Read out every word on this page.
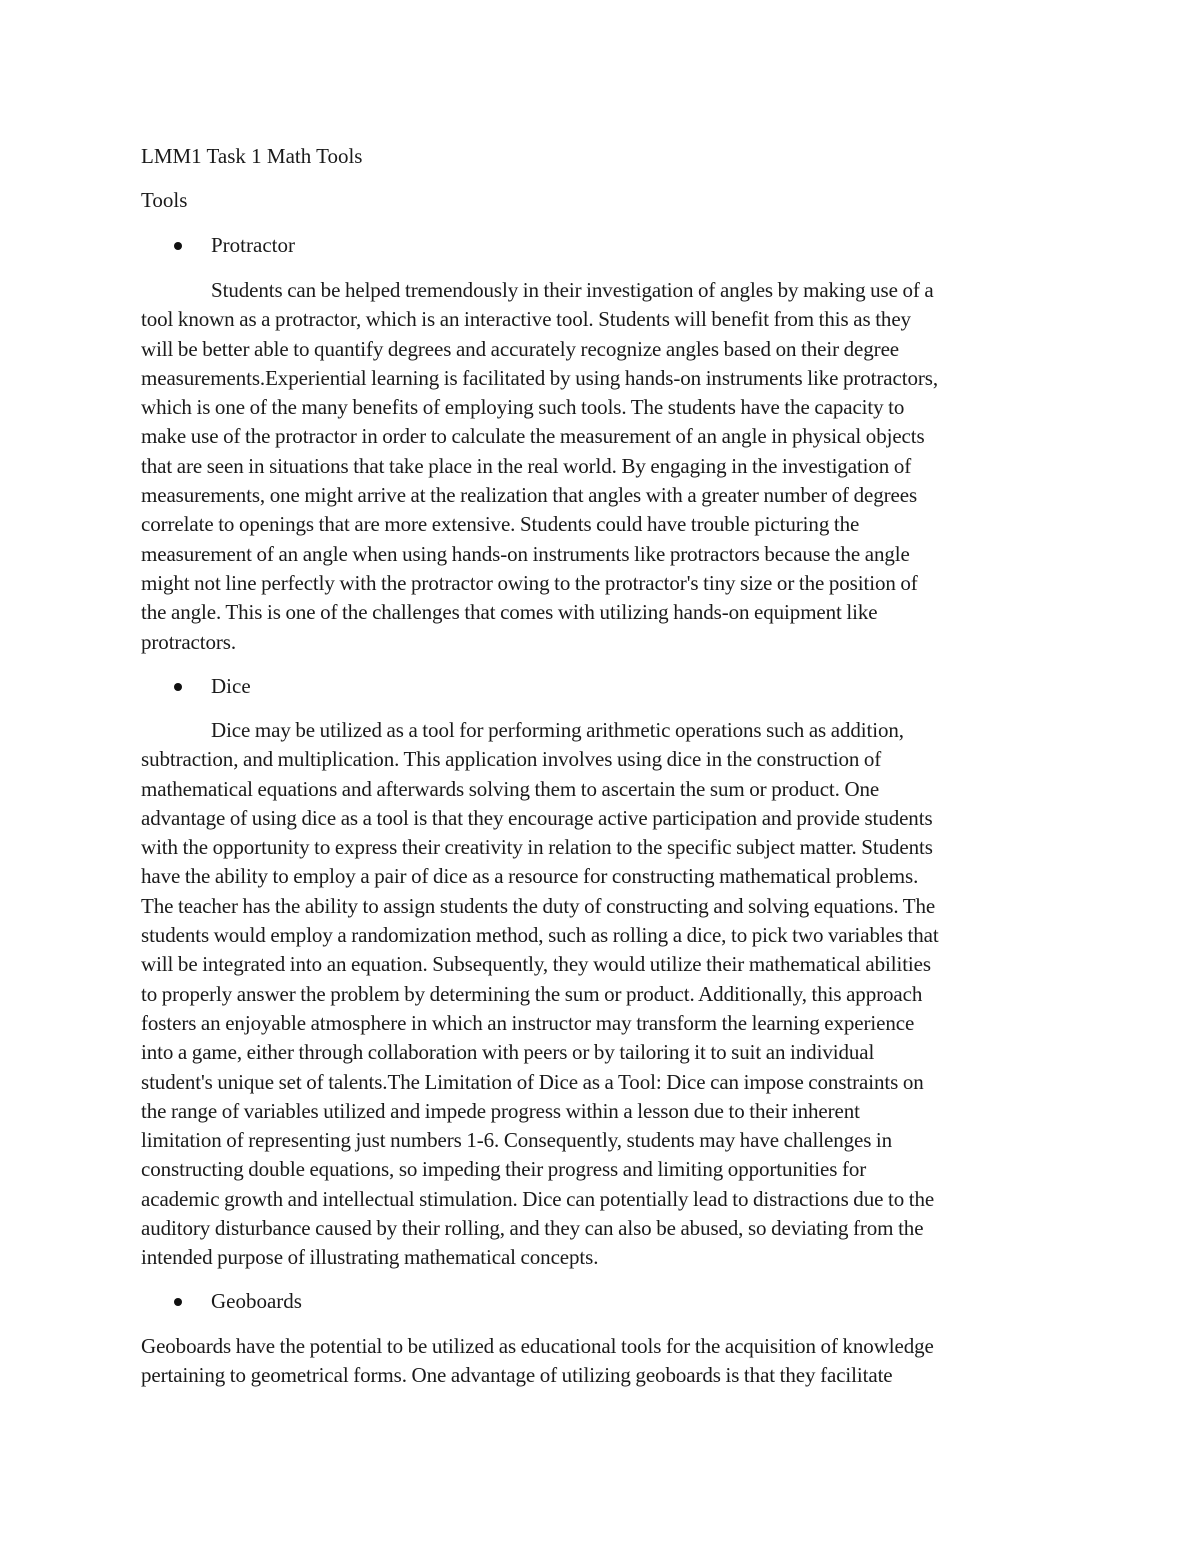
LMM1 Task 1 Math Tools
Tools
Protractor
Students can be helped tremendously in their investigation of angles by making use of a
tool known as a protractor, which is an interactive tool. Students will benefit from this as they
will be better able to quantify degrees and accurately recognize angles based on their degree
measurements.Experiential learning is facilitated by using hands-on instruments like protractors,
which is one of the many benefits of employing such tools. The students have the capacity to
make use of the protractor in order to calculate the measurement of an angle in physical objects
that are seen in situations that take place in the real world. By engaging in the investigation of
measurements, one might arrive at the realization that angles with a greater number of degrees
correlate to openings that are more extensive. Students could have trouble picturing the
measurement of an angle when using hands-on instruments like protractors because the angle
might not line perfectly with the protractor owing to the protractor's tiny size or the position of
the angle. This is one of the challenges that comes with utilizing hands-on equipment like
protractors.
Dice
Dice may be utilized as a tool for performing arithmetic operations such as addition,
subtraction, and multiplication. This application involves using dice in the construction of
mathematical equations and afterwards solving them to ascertain the sum or product. One
advantage of using dice as a tool is that they encourage active participation and provide students
with the opportunity to express their creativity in relation to the specific subject matter. Students
have the ability to employ a pair of dice as a resource for constructing mathematical problems.
The teacher has the ability to assign students the duty of constructing and solving equations. The
students would employ a randomization method, such as rolling a dice, to pick two variables that
will be integrated into an equation. Subsequently, they would utilize their mathematical abilities
to properly answer the problem by determining the sum or product. Additionally, this approach
fosters an enjoyable atmosphere in which an instructor may transform the learning experience
into a game, either through collaboration with peers or by tailoring it to suit an individual
student's unique set of talents.The Limitation of Dice as a Tool: Dice can impose constraints on
the range of variables utilized and impede progress within a lesson due to their inherent
limitation of representing just numbers 1-6. Consequently, students may have challenges in
constructing double equations, so impeding their progress and limiting opportunities for
academic growth and intellectual stimulation. Dice can potentially lead to distractions due to the
auditory disturbance caused by their rolling, and they can also be abused, so deviating from the
intended purpose of illustrating mathematical concepts.
Geoboards
Geoboards have the potential to be utilized as educational tools for the acquisition of knowledge
pertaining to geometrical forms. One advantage of utilizing geoboards is that they facilitate
